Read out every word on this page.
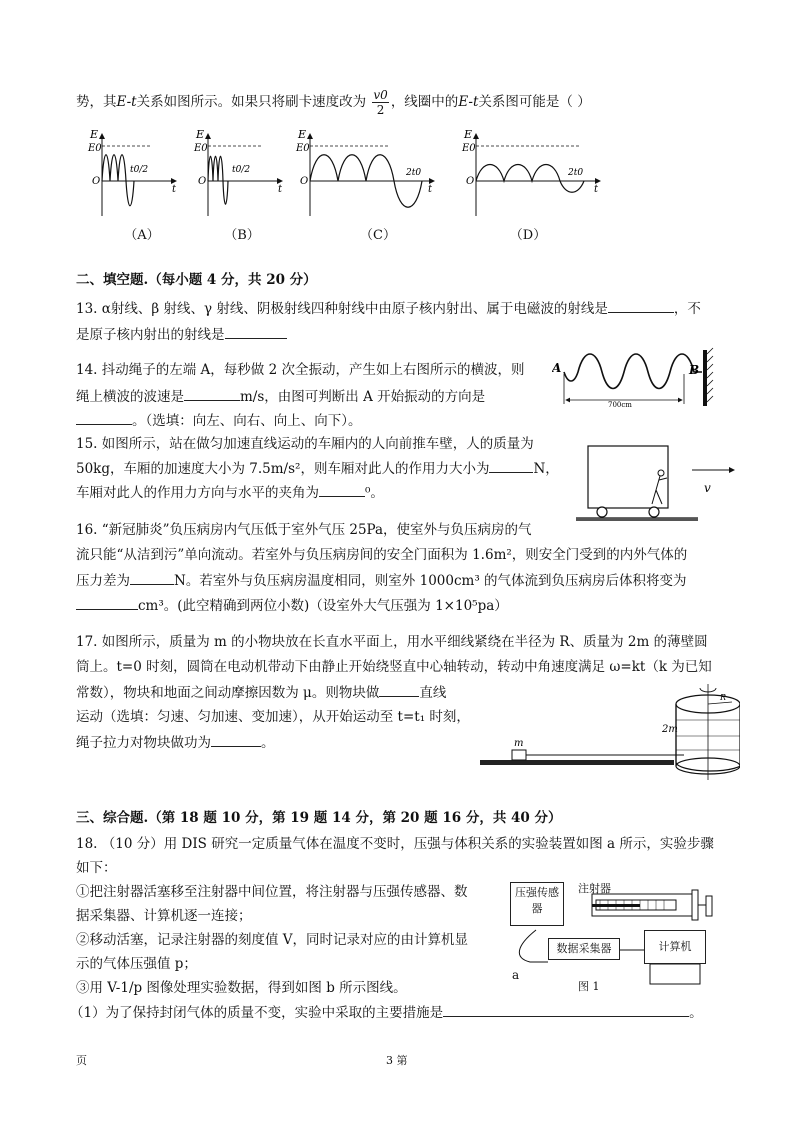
势，其E-t关系如图所示。如果只将刷卡速度改为 $\frac{v0}{2}$ ，线圈中的E-t关系图可能是（ ）
E
E0
O
t
t0/2
E
E0
O
t
t0/2
E
E0
O
t
2t0
E
E0
O
t
2t0
（A）	（B）	（C）	（D）
二、填空题.（每小题 4 分，共 20 分）
13. α射线、β 射线、γ 射线、阴极射线四种射线中由原子核内射出、属于电磁波的射线是	，不
是原子核内射出的射线是
14. 抖动绳子的左端 A，每秒做 2 次全振动，产生如上右图所示的横波，则
绳上横波的波速是	m/s，由图可判断出 A 开始振动的方向是
。（选填：向左、向右、向上、向下）。
A	B
700cm
15. 如图所示，站在做匀加速直线运动的车厢内的人向前推车壁，人的质量为
50kg，车厢的加速度大小为 7.5m/s²，则车厢对此人的作用力大小为	N，
车厢对此人的作用力方向与水平的夹角为	⁰。	v
16. “新冠肺炎”负压病房内气压低于室外气压 25Pa，使室外与负压病房的气
流只能“从洁到污”单向流动。若室外与负压病房间的安全门面积为 1.6m²，则安全门受到的内外气体的
压力差为	N。若室外与负压病房温度相同，则室外 1000cm³ 的气体流到负压病房后体积将变为
cm³。(此空精确到两位小数)（设室外大气压强为 1×10⁵pa）
17. 如图所示，质量为 m 的小物块放在长直水平面上，用水平细线紧绕在半径为 R、质量为 2m 的薄壁圆
筒上。t=0 时刻，圆筒在电动机带动下由静止开始绕竖直中心轴转动，转动中角速度满足 ω=kt（k 为已知
常数），物块和地面之间动摩擦因数为 μ。则物块做	直线
运动（选填：匀速、匀加速、变加速），从开始运动至 t=t₁ 时刻，
绳子拉力对物块做功为	。	m
2m
R
三、综合题.（第 18 题 10 分，第 19 题 14 分，第 20 题 16 分，共 40 分）
18. （10 分）用 DIS 研究一定质量气体在温度不变时，压强与体积关系的实验装置如图 a 所示，实验步骤
如下：
①把注射器活塞移至注射器中间位置，将注射器与压强传感器、数
据采集器、计算机逐一连接；
②移动活塞，记录注射器的刻度值 V，同时记录对应的由计算机显
示的气体压强值 p；
③用 V-1/p 图像处理实验数据，得到如图 b 所示图线。
（1）为了保持封闭气体的质量不变，实验中采取的主要措施是	。
压强传感器
注射器
数据采集器	计算机
a
图 1
页	3 第
